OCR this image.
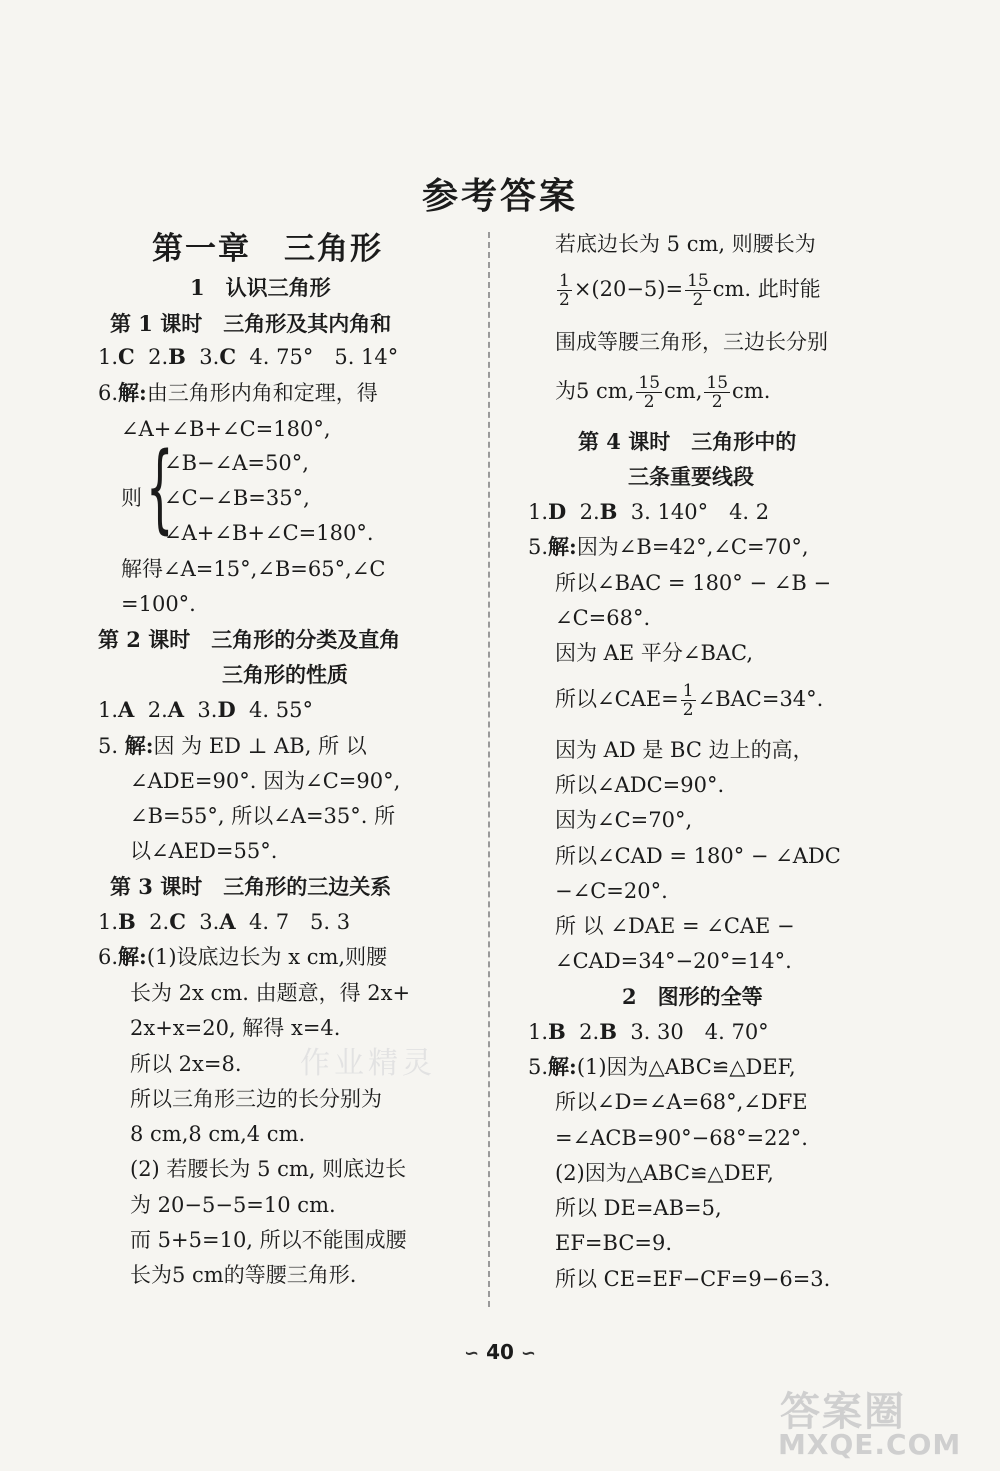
参考答案
第一章　三角形
1　认识三角形
第 1 课时　三角形及其内角和
1.C 2.B 3.C 4. 75°　5. 14°
6.解:由三角形内角和定理，得
∠A+∠B+∠C=180°,
则 {
∠B−∠A=50°,
∠C−∠B=35°,
∠A+∠B+∠C=180°.
解得∠A=15°,∠B=65°,∠C
=100°.
第 2 课时　三角形的分类及直角
三角形的性质
1.A 2.A 3.D 4. 55°
5. 解:因 为 ED ⊥ AB, 所 以
∠ADE=90°. 因为∠C=90°,
∠B=55°, 所以∠A=35°. 所
以∠AED=55°.
第 3 课时　三角形的三边关系
1.B 2.C 3.A 4. 7　5. 3
6.解:(1)设底边长为 x cm,则腰
长为 2x cm. 由题意，得 2x+
2x+x=20, 解得 x=4.
所以 2x=8.
所以三角形三边的长分别为
8 cm,8 cm,4 cm.
(2) 若腰长为 5 cm, 则底边长
为 20−5−5=10 cm.
而 5+5=10, 所以不能围成腰
长为5 cm的等腰三角形.
若底边长为 5 cm, 则腰长为
$\frac{1}{2} \times(20-5)= \frac{15}{2}$ cm. 此时能
围成等腰三角形，三边长分别
为5 cm, $\frac{15}{2}$ cm, $\frac{15}{2}$ cm.
第 4 课时　三角形中的
三条重要线段
1.D 2.B 3. 140°　4. 2
5.解:因为∠B=42°,∠C=70°,
所以∠BAC = 180° − ∠B −
∠C=68°.
因为 AE 平分∠BAC,
所以∠CAE= $\frac{1}{2}$ ∠BAC=34°.
因为 AD 是 BC 边上的高，
所以∠ADC=90°.
因为∠C=70°,
所以∠CAD = 180° − ∠ADC
−∠C=20°.
所 以 ∠DAE = ∠CAE −
∠CAD=34°−20°=14°.
2　图形的全等
1.B 2.B 3. 30　4. 70°
5.解:(1)因为△ABC≌△DEF,
所以∠D=∠A=68°,∠DFE
=∠ACB=90°−68°=22°.
(2)因为△ABC≌△DEF,
所以 DE=AB=5,
EF=BC=9.
所以 CE=EF−CF=9−6=3.
∽ 40 ∽
作业精灵
答案圈
MXQE.COM
